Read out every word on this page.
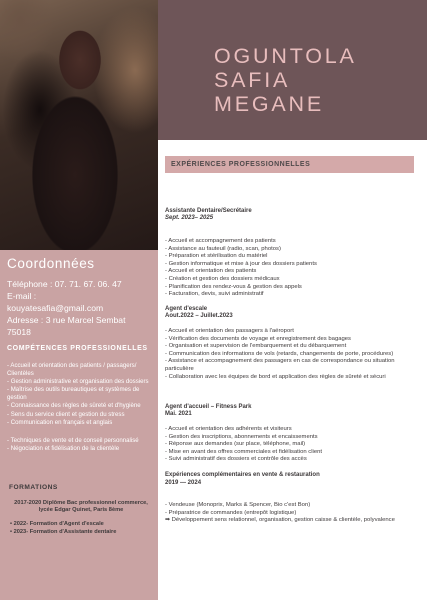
Coordonnées
Téléphone : 07. 71. 67. 06. 47
E-mail :
kouyatesafia@gmail.com
Adresse : 3 rue Marcel Sembat
75018
COMPÉTENCES PROFESSIONELLES
- Accueil et orientation des patients / passagers/ Clientèles
- Gestion administrative et organisation des dossiers
- Maîtrise des outils bureautiques et systèmes de gestion
- Connaissance des règles de sûreté et d'hygiène
- Sens du service client et gestion du stress
- Communication en français et anglais
- Techniques de vente et de conseil personnalisé
- Négociation et fidélisation de la clientèle
FORMATIONS
2017-2020 Diplôme Bac professionnel commerce, lycée Edgar Quinet, Paris 8ème
• 2022- Formation d'Agent d'escale
• 2023- Formation d'Assistante dentaire
OGUNTOLA
SAFIA
MEGANE
EXPÉRIENCES PROFESSIONNELLES
Assistante Dentaire/Secrétaire
Sept. 2023– 2025
- Accueil et accompagnement des patients
- Assistance au fauteuil (radio, scan, photos)
- Préparation et stérilisation du matériel
- Gestion informatique et mise à jour des dossiers patients
- Accueil et orientation des patients
- Création et gestion des dossiers médicaux
- Planification des rendez-vous & gestion des appels
- Facturation, devis, suivi administratif
Agent d'escale
Aout.2022 – Juillet.2023
- Accueil et orientation des passagers à l'aéroport
- Vérification des documents de voyage et enregistrement des bagages
- Organisation et supervision de l'embarquement et du débarquement
- Communication des informations de vols (retards, changements de porte, procédures)
- Assistance et accompagnement des passagers en cas de correspondance ou situation particulière
- Collaboration avec les équipes de bord et application des règles de sûreté et sécuri
Agent d'accueil – Fitness Park
Mai. 2021
- Accueil et orientation des adhérents et visiteurs
- Gestion des inscriptions, abonnements et encaissements
- Réponse aux demandes (sur place, téléphone, mail)
- Mise en avant des offres commerciales et fidélisation client
- Suivi administratif des dossiers et contrôle des accès
Expériences complémentaires en vente & restauration
2019 — 2024
- Vendeuse (Monoprix, Marks & Spencer, Bio c'est Bon)
- Préparatrice de commandes (entrepôt logistique)
➡ Développement sens relationnel, organisation, gestion caisse & clientèle, polyvalence
